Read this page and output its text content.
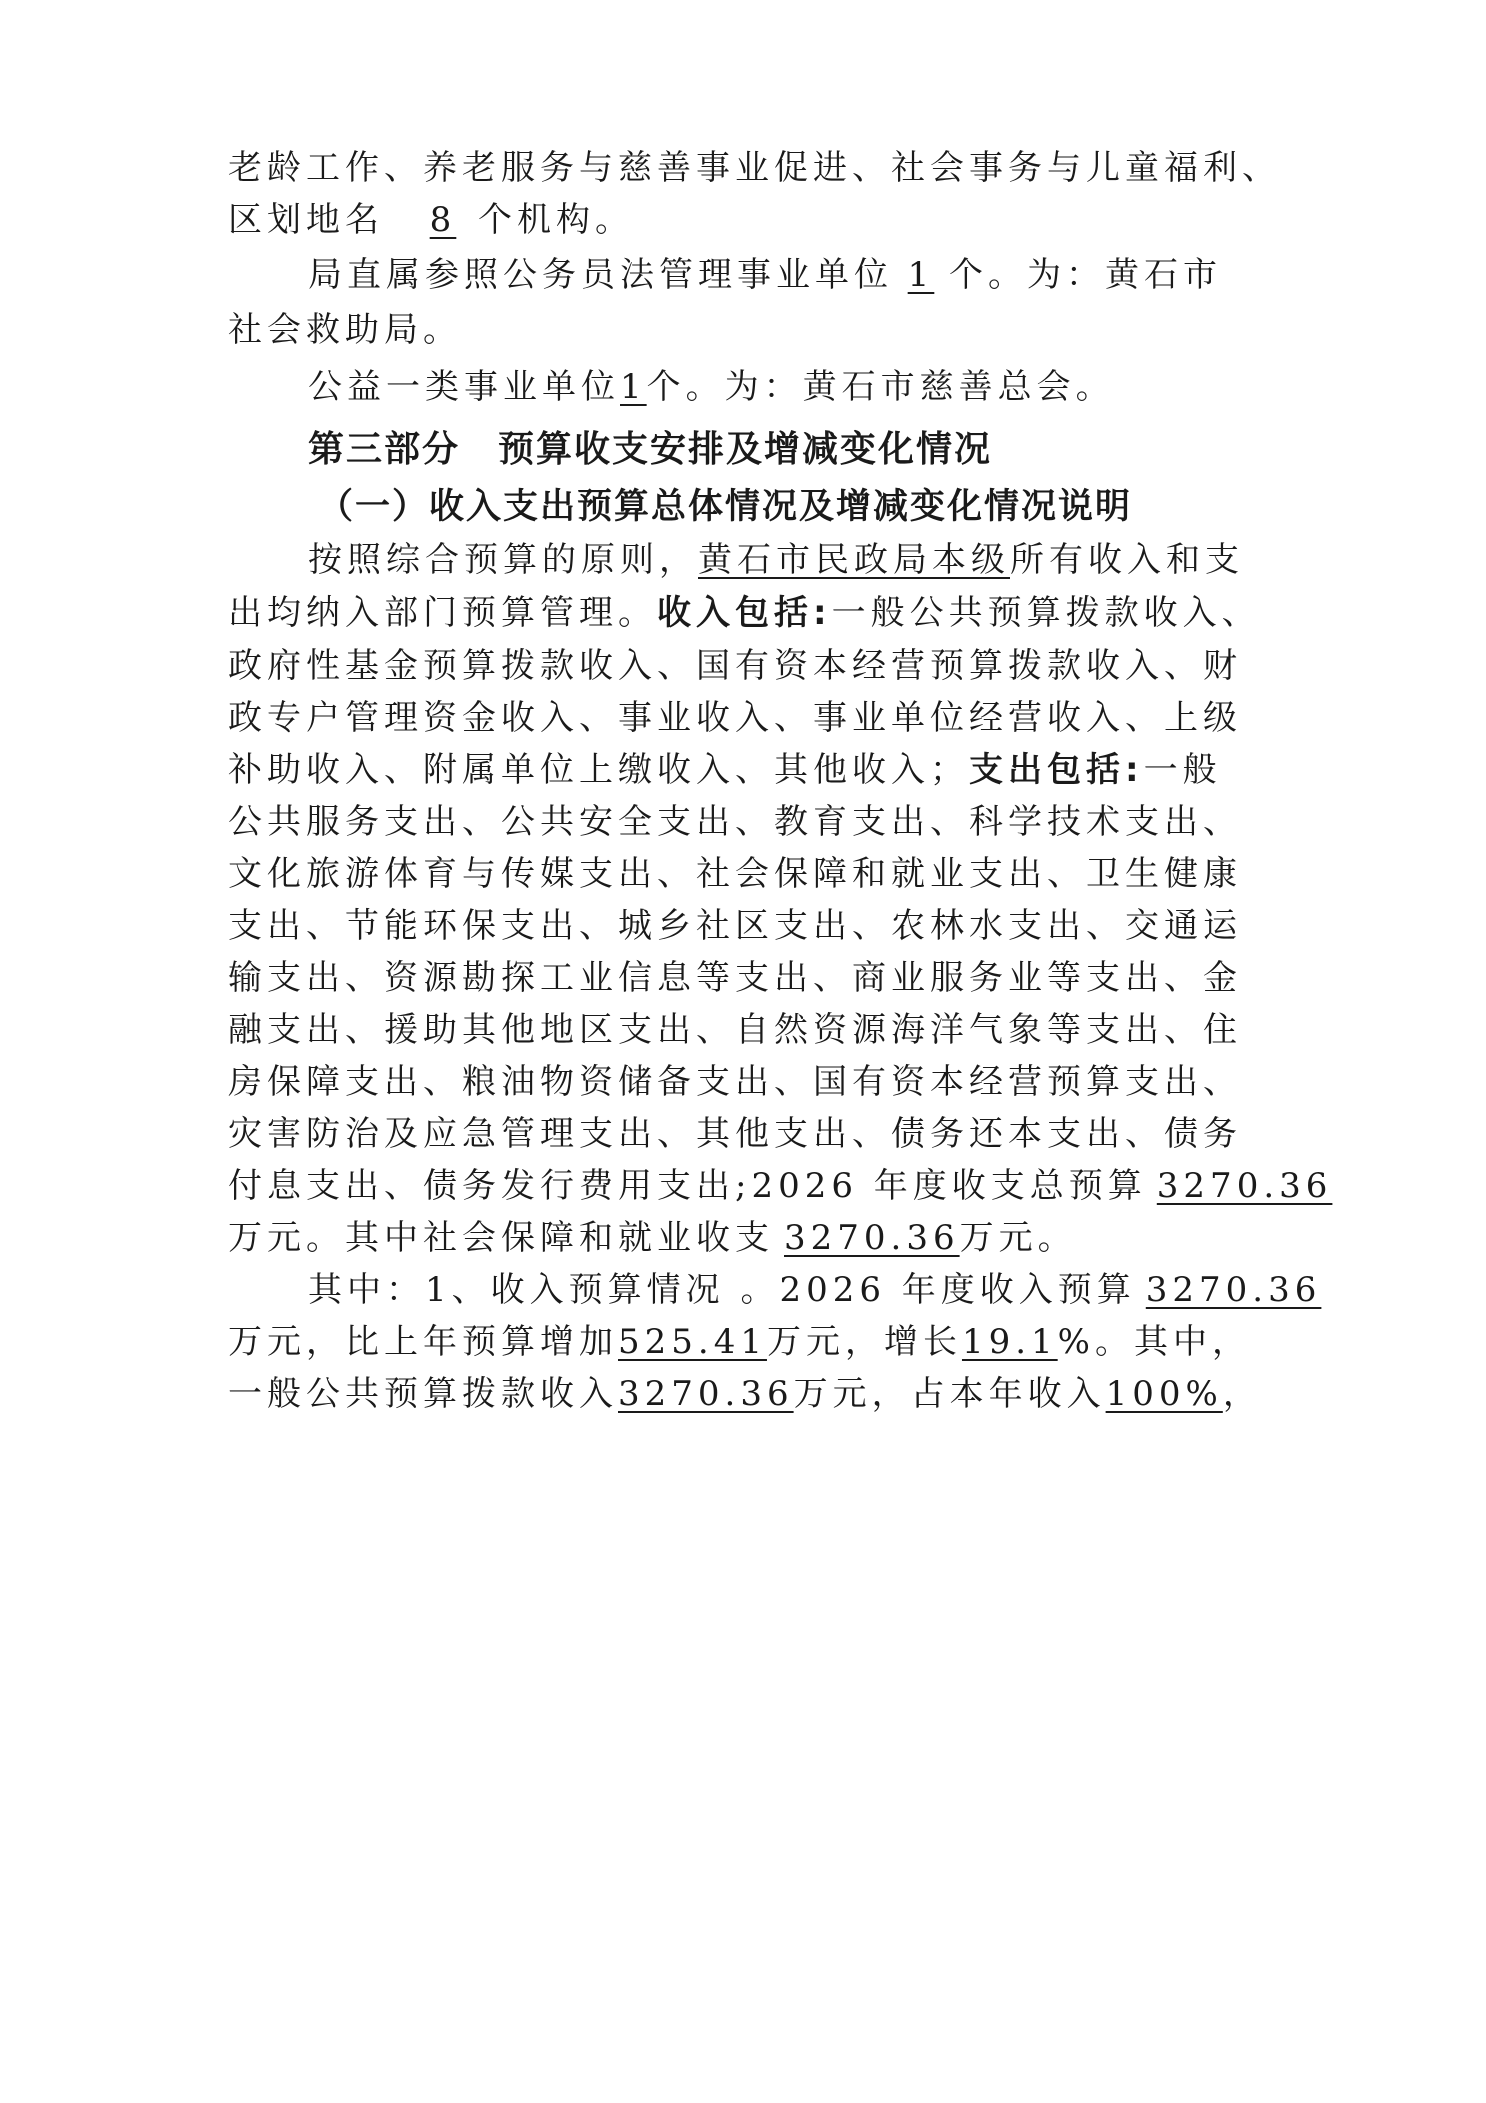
老龄工作、养老服务与慈善事业促进、社会事务与儿童福利、
区划地名 8 个机构。
局直属参照公务员法管理事业单位 1 个。为：黄石市
社会救助局。
公益一类事业单位1个。为：黄石市慈善总会。
第三部分　预算收支安排及增减变化情况
（一）收入支出预算总体情况及增减变化情况说明
按照综合预算的原则，黄石市民政局本级所有收入和支
出均纳入部门预算管理。收入包括:一般公共预算拨款收入、
政府性基金预算拨款收入、国有资本经营预算拨款收入、财
政专户管理资金收入、事业收入、事业单位经营收入、上级
补助收入、附属单位上缴收入、其他收入；支出包括:一般
公共服务支出、公共安全支出、教育支出、科学技术支出、
文化旅游体育与传媒支出、社会保障和就业支出、卫生健康
支出、节能环保支出、城乡社区支出、农林水支出、交通运
输支出、资源勘探工业信息等支出、商业服务业等支出、金
融支出、援助其他地区支出、自然资源海洋气象等支出、住
房保障支出、粮油物资储备支出、国有资本经营预算支出、
灾害防治及应急管理支出、其他支出、债务还本支出、债务
付息支出、债务发行费用支出;2026 年度收支总预算 3270.36
万元。其中社会保障和就业收支 3270.36万元。
其中：1、收入预算情况 。2026 年度收入预算 3270.36
万元，比上年预算增加525.41万元，增长19.1%。其中，
一般公共预算拨款收入3270.36万元，占本年收入100%，
